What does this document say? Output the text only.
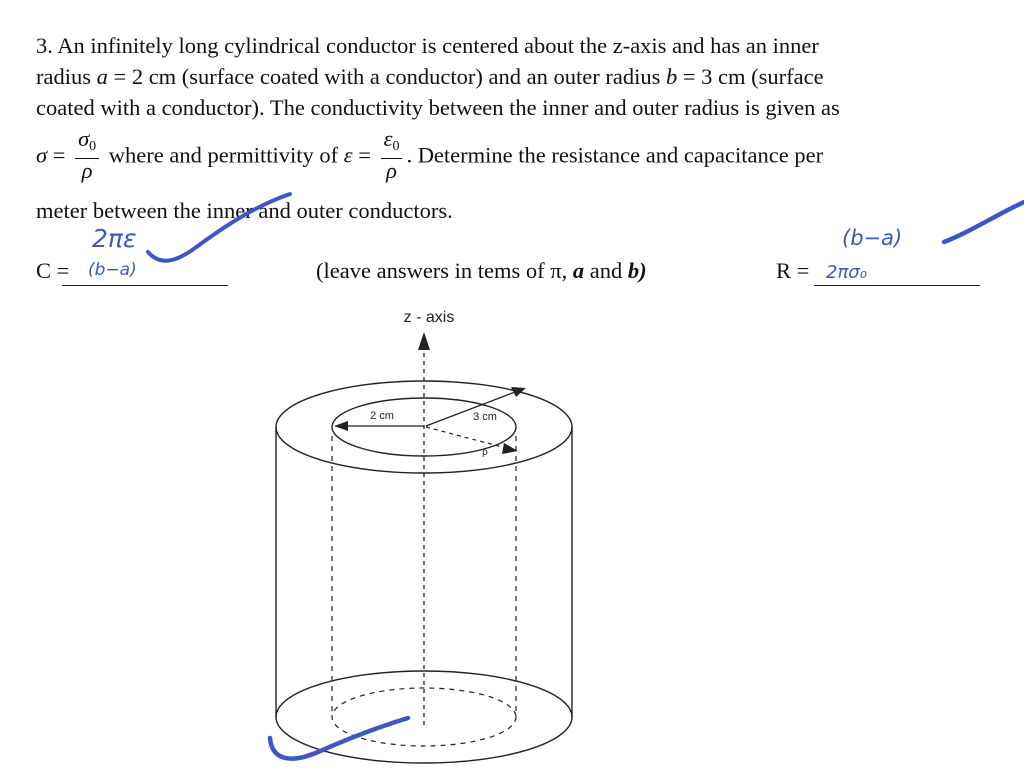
3. An infinitely long cylindrical conductor is centered about the z-axis and has an inner
radius a = 2 cm (surface coated with a conductor) and an outer radius b = 3 cm (surface
coated with a conductor). The conductivity between the inner and outer radius is given as
$\sigma = \frac{\sigma_0}{\rho}$ where and permittivity of $\varepsilon = \frac{\varepsilon_0}{\rho}$ . Determine the resistance and capacitance per
meter between the inner and outer conductors.
C =
2πε
(b−a)	(leave answers in tems of π, a and b)	R =
(b−a)
2πσ₀
z - axis
2 cm	3 cm
ρ
